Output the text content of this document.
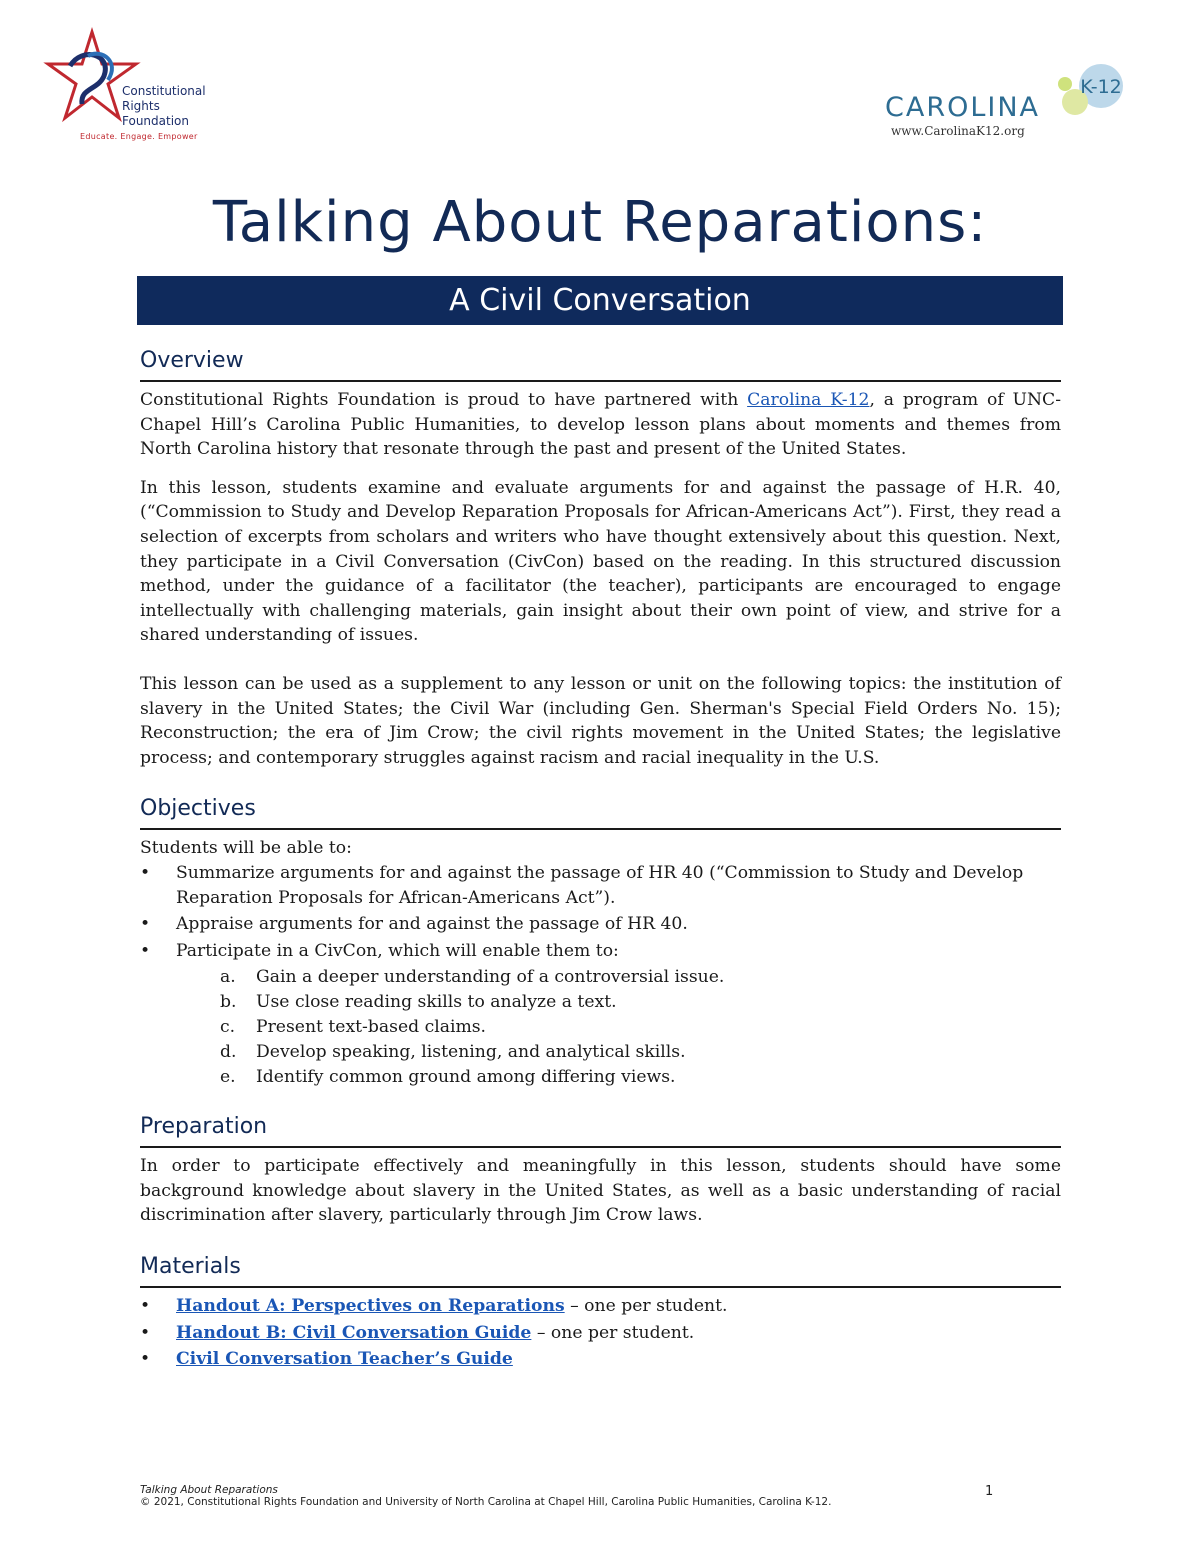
Constitutional
Rights
Foundation
Educate. Engage. Empower
K-12
CAROLINA
www.CarolinaK12.org
Talking About Reparations:
A Civil Conversation
Overview

Constitutional Rights Foundation is proud to have partnered with Carolina K-12, a program of UNC-Chapel Hill’s Carolina Public Humanities, to develop lesson plans about moments and themes from North Carolina history that resonate through the past and present of the United States.

In this lesson, students examine and evaluate arguments for and against the passage of H.R. 40, (“Commission to Study and Develop Reparation Proposals for African-Americans Act”). First, they read a selection of excerpts from scholars and writers who have thought extensively about this question. Next, they participate in a Civil Conversation (CivCon) based on the reading. In this structured discussion method, under the guidance of a facilitator (the teacher), participants are encouraged to engage intellectually with challenging materials, gain insight about their own point of view, and strive for a shared understanding of issues.

This lesson can be used as a supplement to any lesson or unit on the following topics: the institution of slavery in the United States; the Civil War (including Gen. Sherman's Special Field Orders No. 15); Reconstruction; the era of Jim Crow; the civil rights movement in the United States; the legislative process; and contemporary struggles against racism and racial inequality in the U.S.

Objectives

Students will be able to:

• Summarize arguments for and against the passage of HR 40 (“Commission to Study and Develop Reparation Proposals for African-Americans Act”).
• Appraise arguments for and against the passage of HR 40.
• Participate in a CivCon, which will enable them to:
a. Gain a deeper understanding of a controversial issue.
b. Use close reading skills to analyze a text.
c. Present text-based claims.
d. Develop speaking, listening, and analytical skills.
e. Identify common ground among differing views.
Preparation

In order to participate effectively and meaningfully in this lesson, students should have some background knowledge about slavery in the United States, as well as a basic understanding of racial discrimination after slavery, particularly through Jim Crow laws.

Materials
• Handout A: Perspectives on Reparations – one per student.
• Handout B: Civil Conversation Guide – one per student.
• Civil Conversation Teacher’s Guide
Talking About Reparations
© 2021, Constitutional Rights Foundation and University of North Carolina at Chapel Hill, Carolina Public Humanities, Carolina K-12.
1
